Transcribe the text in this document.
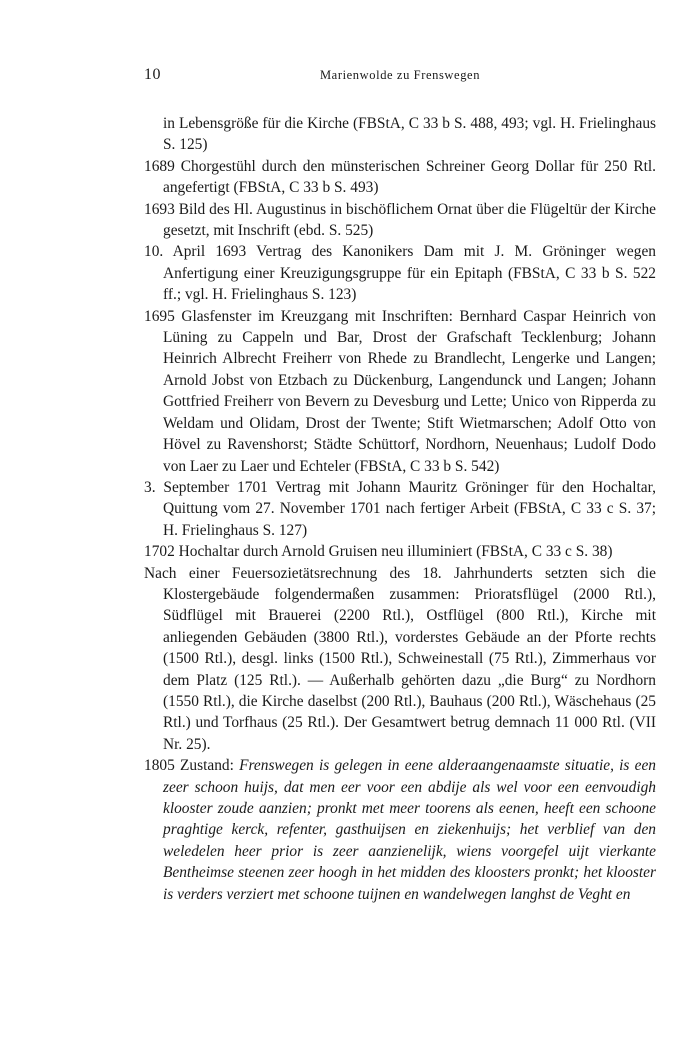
10	Marienwolde zu Frenswegen

in Lebensgröße für die Kirche (FBStA, C 33 b S. 488, 493; vgl. H. Frielinghaus S. 125)

1689 Chorgestühl durch den münsterischen Schreiner Georg Dollar für 250 Rtl. angefertigt (FBStA, C 33 b S. 493)

1693 Bild des Hl. Augustinus in bischöflichem Ornat über die Flügeltür der Kirche gesetzt, mit Inschrift (ebd. S. 525)

10. April 1693 Vertrag des Kanonikers Dam mit J. M. Gröninger wegen Anfertigung einer Kreuzigungsgruppe für ein Epitaph (FBStA, C 33 b S. 522 ff.; vgl. H. Frielinghaus S. 123)

1695 Glasfenster im Kreuzgang mit Inschriften: Bernhard Caspar Heinrich von Lüning zu Cappeln und Bar, Drost der Grafschaft Tecklenburg; Johann Heinrich Albrecht Freiherr von Rhede zu Brandlecht, Lengerke und Langen; Arnold Jobst von Etzbach zu Dückenburg, Langendunck und Langen; Johann Gottfried Freiherr von Bevern zu Devesburg und Lette; Unico von Ripperda zu Weldam und Olidam, Drost der Twente; Stift Wietmarschen; Adolf Otto von Hövel zu Ravenshorst; Städte Schüttorf, Nordhorn, Neuenhaus; Ludolf Dodo von Laer zu Laer und Echteler (FBStA, C 33 b S. 542)

3. September 1701 Vertrag mit Johann Mauritz Gröninger für den Hochaltar, Quittung vom 27. November 1701 nach fertiger Arbeit (FBStA, C 33 c S. 37; H. Frielinghaus S. 127)

1702 Hochaltar durch Arnold Gruisen neu illuminiert (FBStA, C 33 c S. 38)

Nach einer Feuersozietätsrechnung des 18. Jahrhunderts setzten sich die Klostergebäude folgendermaßen zusammen: Prioratsflügel (2000 Rtl.), Südflügel mit Brauerei (2200 Rtl.), Ostflügel (800 Rtl.), Kirche mit anliegenden Gebäuden (3800 Rtl.), vorderstes Gebäude an der Pforte rechts (1500 Rtl.), desgl. links (1500 Rtl.), Schweinestall (75 Rtl.), Zimmerhaus vor dem Platz (125 Rtl.). — Außerhalb gehörten dazu „die Burg“ zu Nordhorn (1550 Rtl.), die Kirche daselbst (200 Rtl.), Bauhaus (200 Rtl.), Wäschehaus (25 Rtl.) und Torfhaus (25 Rtl.). Der Gesamtwert betrug demnach 11 000 Rtl. (VII Nr. 25).

1805 Zustand: Frenswegen is gelegen in eene alderaangenaamste situatie, is een zeer schoon huijs, dat men eer voor een abdije als wel voor een eenvoudigh klooster zoude aanzien; pronkt met meer toorens als eenen, heeft een schoone praghtige kerck, refenter, gasthuijsen en ziekenhuijs; het verblief van den weledelen heer prior is zeer aanzienelijk, wiens voorgefel uijt vierkante Bentheimse steenen zeer hoogh in het midden des kloosters pronkt; het klooster is verders verziert met schoone tuijnen en wandelwegen langhst de Veght en
